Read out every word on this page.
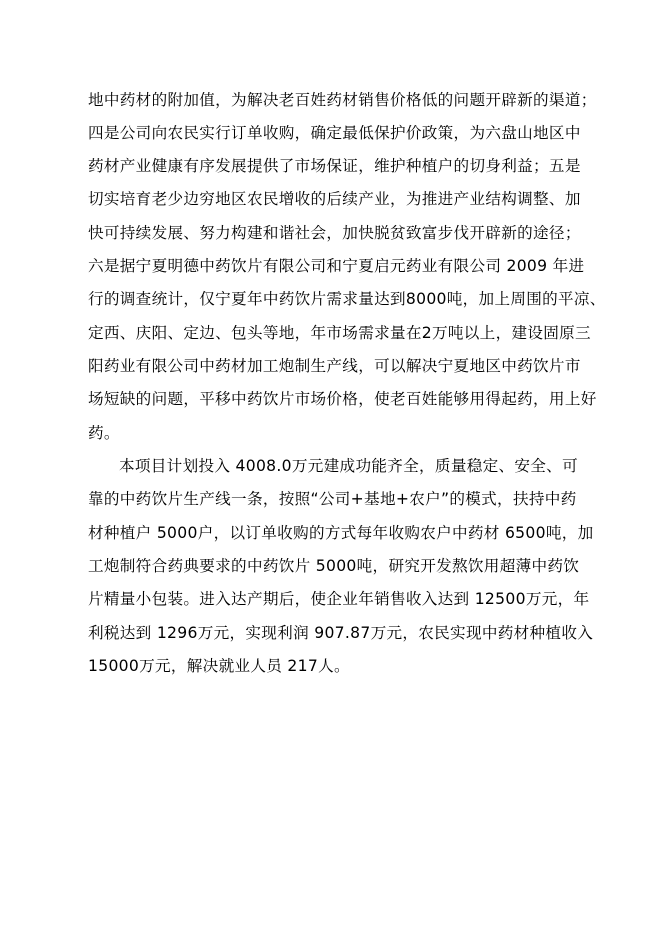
地中药材的附加值，为解决老百姓药材销售价格低的问题开辟新的渠道；

四是公司向农民实行订单收购，确定最低保护价政策，为六盘山地区中

药材产业健康有序发展提供了市场保证，维护种植户的切身利益；五是

切实培育老少边穷地区农民增收的后续产业，为推进产业结构调整、加

快可持续发展、努力构建和谐社会，加快脱贫致富步伐开辟新的途径；

六是据宁夏明德中药饮片有限公司和宁夏启元药业有限公司 2009 年进

行的调查统计，仅宁夏年中药饮片需求量达到8000吨，加上周围的平凉、

定西、庆阳、定边、包头等地，年市场需求量在2万吨以上，建设固原三

阳药业有限公司中药材加工炮制生产线，可以解决宁夏地区中药饮片市

场短缺的问题，平移中药饮片市场价格，使老百姓能够用得起药，用上好

药。

本项目计划投入 4008.0万元建成功能齐全，质量稳定、安全、可

靠的中药饮片生产线一条，按照“公司+基地+农户”的模式，扶持中药

材种植户 5000户，以订单收购的方式每年收购农户中药材 6500吨，加

工炮制符合药典要求的中药饮片 5000吨，研究开发熬饮用超薄中药饮

片精量小包装。进入达产期后，使企业年销售收入达到 12500万元，年

利税达到 1296万元，实现利润 907.87万元，农民实现中药材种植收入

15000万元，解决就业人员 217人。
